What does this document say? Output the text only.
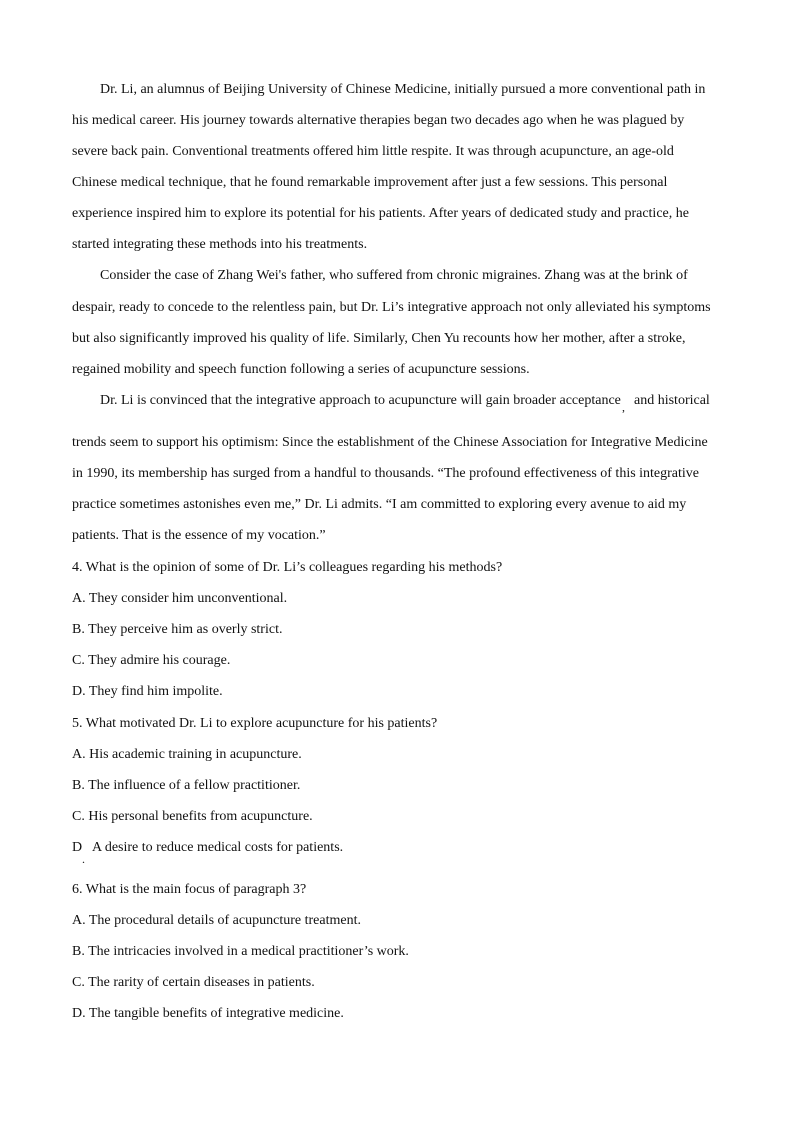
Dr. Li, an alumnus of Beijing University of Chinese Medicine, initially pursued a more conventional path in
his medical career. His journey towards alternative therapies began two decades ago when he was plagued by
severe back pain. Conventional treatments offered him little respite. It was through acupuncture, an age-old
Chinese medical technique, that he found remarkable improvement after just a few sessions. This personal
experience inspired him to explore its potential for his patients. After years of dedicated study and practice, he
started integrating these methods into his treatments.
Consider the case of Zhang Wei's father, who suffered from chronic migraines. Zhang was at the brink of
despair, ready to concede to the relentless pain, but Dr. Li’s integrative approach not only alleviated his symptoms
but also significantly improved his quality of life. Similarly, Chen Yu recounts how her mother, after a stroke,
regained mobility and speech function following a series of acupuncture sessions.
Dr. Li is convinced that the integrative approach to acupuncture will gain broader acceptance , and historical
trends seem to support his optimism: Since the establishment of the Chinese Association for Integrative Medicine
in 1990, its membership has surged from a handful to thousands. “The profound effectiveness of this integrative
practice sometimes astonishes even me,” Dr. Li admits. “I am committed to exploring every avenue to aid my
patients. That is the essence of my vocation.”
4. What is the opinion of some of Dr. Li’s colleagues regarding his methods?
A. They consider him unconventional.
B. They perceive him as overly strict.
C. They admire his courage.
D. They find him impolite.
5. What motivated Dr. Li to explore acupuncture for his patients?
A. His academic training in acupuncture.
B. The influence of a fellow practitioner.
C. His personal benefits from acupuncture.
D
.
A desire to reduce medical costs for patients.
6. What is the main focus of paragraph 3?
A. The procedural details of acupuncture treatment.
B. The intricacies involved in a medical practitioner’s work.
C. The rarity of certain diseases in patients.
D. The tangible benefits of integrative medicine.
